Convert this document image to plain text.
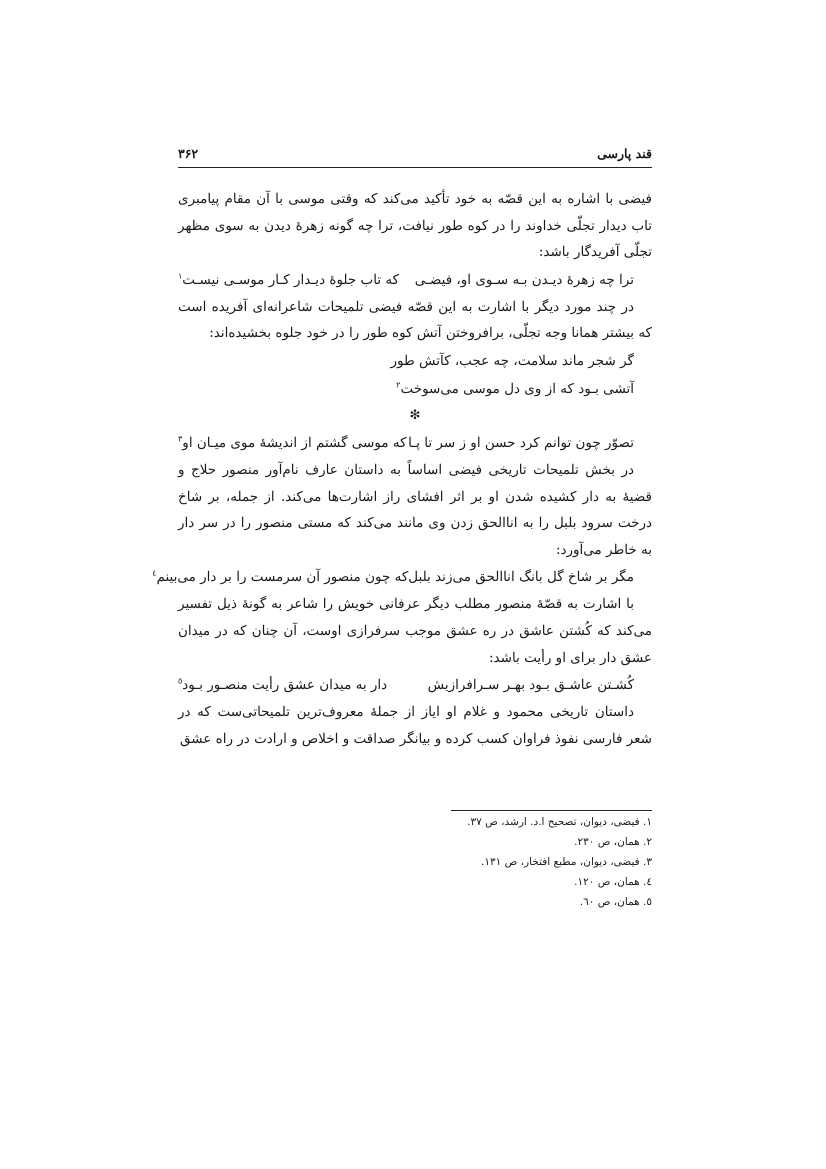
قند پارسی
۳۶۲

فیضی با اشاره به این قصّه به خود تأکید می‌کند که وقتی موسی با آن مقام پیامبری تاب دیدار تجلّی خداوند را در کوه طور نیافت، ترا چه گونه زهرهٔ دیدن به سوی مظهر تجلّی آفریدگار باشد:

ترا چه زهرهٔ دیـدن بـه سـوی او، فیضـی
که تاب جلوهٔ دیـدار کـار موسـی نیسـت$^۱$

در چند مورد دیگر با اشارت به این قصّه فیضی تلمیحات شاعرانه‌ای آفریده است که بیشتر همانا وجه تجلّی، برافروختن آتش کوه طور را در خود جلوه بخشیده‌اند:

گر شجر ماند سلامت، چه عجب، کآتش طور
آتشی بـود که از وی دل موسی می‌سوخت$^۲$
❇
تصوّر چون توانم کرد حسن او ز سر تا پـا
که موسی گشتم از اندیشهٔ موی میـان او$^۳$

در بخش تلمیحات تاریخی فیضی اساساً به داستان عارف نام‌آور منصور حلاج و قضیهٔ به دار کشیده شدن او بر اثر افشای راز اشارت‌ها می‌کند. از جمله، بر شاخ درخت سرود بلبل را به اناالحق زدن وی مانند می‌کند که مستی منصور را در سر دار به خاطر می‌آورد:

مگر بر شاخ گل بانگ اناالحق می‌زند بلبل
که چون منصور آن سرمست را بر دار می‌بینم$^٤$

با اشارت به قصّهٔ منصور مطلب دیگر عرفانی خویش را شاعر به گونهٔ ذیل تفسیر می‌کند که کُشتن عاشق در ره عشق موجب سرفرازی اوست، آن چنان که در میدان عشق دار برای او رأیت باشد:

کُشـتن عاشـق بـود بهـر سـرافرازیش
دار به میدان عشق رأیت منصـور بـود$^٥$

داستان تاریخی محمود و غلام او ایاز از جملهٔ معروف‌ترین تلمیحاتی‌ست که در شعر فارسی نفوذ فراوان کسب کرده و بیانگر صداقت و اخلاص و ارادت در راه عشق

۱. فیضی، دیوان، تصحیح ا.د. ارشد، ص ۳۷.
۲. همان، ص ۲۳۰.
۳. فیضی، دیوان، مطبع افتخار، ص ۱۳۱.
٤. همان، ص ۱۲۰.
٥. همان، ص ٦۰.
